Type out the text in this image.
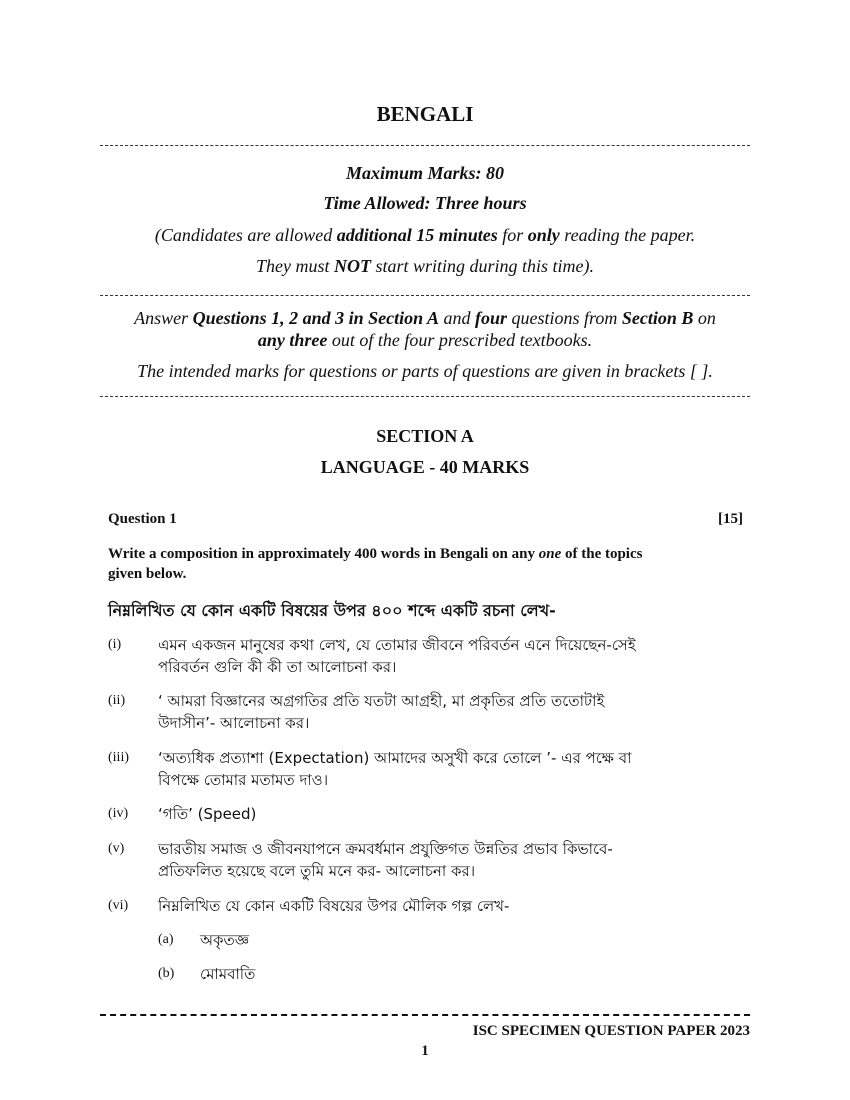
BENGALI
Maximum Marks: 80
Time Allowed: Three hours
(Candidates are allowed additional 15 minutes for only reading the paper.
They must NOT start writing during this time).
Answer Questions 1, 2 and 3 in Section A and four questions from Section B on
any three out of the four prescribed textbooks.
The intended marks for questions or parts of questions are given in brackets [ ].
SECTION A
LANGUAGE - 40 MARKS
Question 1	[15]
Write a composition in approximately 400 words in Bengali on any one of the topics
given below.
নিম্নলিখিত যে কোন একটি বিষয়ের উপর ৪০০ শব্দে একটি রচনা লেখ-
(i) এমন একজন মানুষের কথা লেখ, যে তোমার জীবনে পরিবর্তন এনে দিয়েছেন-সেই
পরিবর্তন গুলি কী কী তা আলোচনা কর।
(ii) ‘ আমরা বিজ্ঞানের অগ্রগতির প্রতি যতটা আগ্রহী, মা প্রকৃতির প্রতি ততোটাই
উদাসীন’- আলোচনা কর।
(iii) ‘অত্যধিক প্রত্যাশা (Expectation) আমাদের অসুখী করে তোলে ’- এর পক্ষে বা
বিপক্ষে তোমার মতামত দাও।
(iv) ‘গতি’ (Speed)
(v) ভারতীয় সমাজ ও জীবনযাপনে ক্রমবর্ধমান প্রযুক্তিগত উন্নতির প্রভাব কিভাবে-
প্রতিফলিত হয়েছে বলে তুমি মনে কর- আলোচনা কর।
(vi) নিম্নলিখিত যে কোন একটি বিষয়ের উপর মৌলিক গল্প লেখ-
(a) অকৃতজ্ঞ
(b) মোমবাতি
ISC SPECIMEN QUESTION PAPER 2023
1
